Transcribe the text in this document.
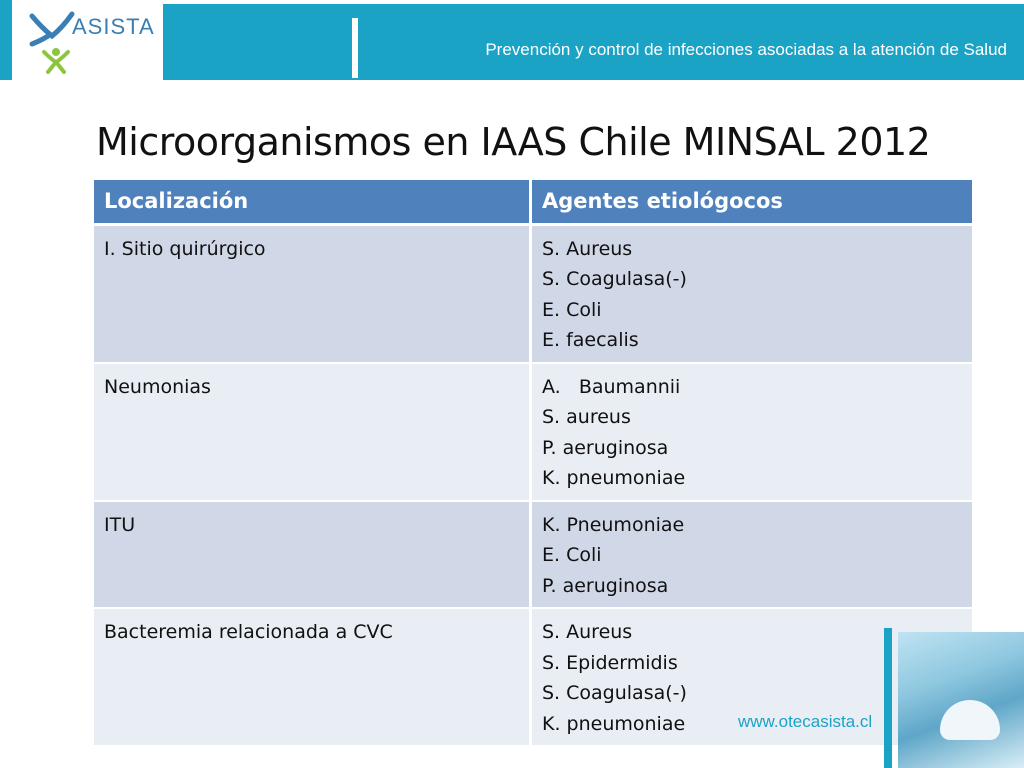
ASISTA
Prevención y control de infecciones asociadas a la atención de Salud
Microorganismos en IAAS Chile MINSAL 2012
Localización	Agentes etiológocos
I. Sitio quirúrgico	S. Aureus
S. Coagulasa(-)
E. Coli
E. faecalis

Neumonias	A.   Baumannii
S. aureus
P. aeruginosa
K. pneumoniae

ITU	K. Pneumoniae
E. Coli
P. aeruginosa

Bacteremia relacionada a CVC	S. Aureus
S. Epidermidis
S. Coagulasa(-)
K. pneumoniae	www.otecasista.cl
